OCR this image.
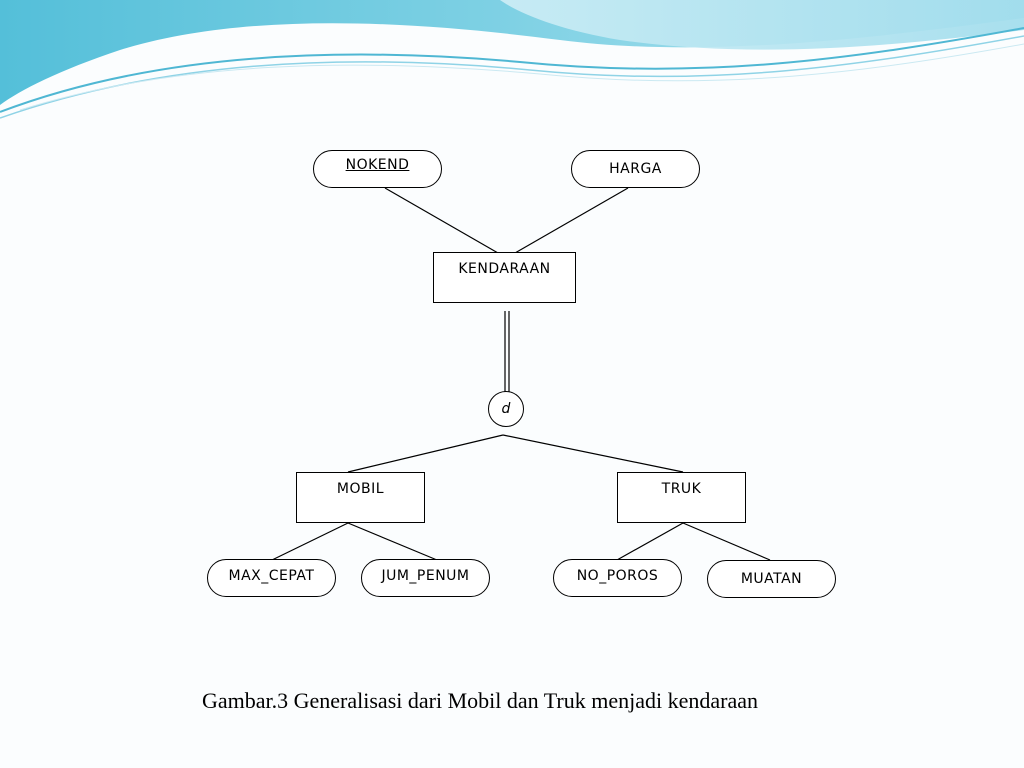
NOKEND	HARGA
KENDARAAN
d
MOBIL	TRUK
MAX_CEPAT	JUM_PENUM	NO_POROS	MUATAN
Gambar.3 Generalisasi dari Mobil dan Truk menjadi kendaraan
